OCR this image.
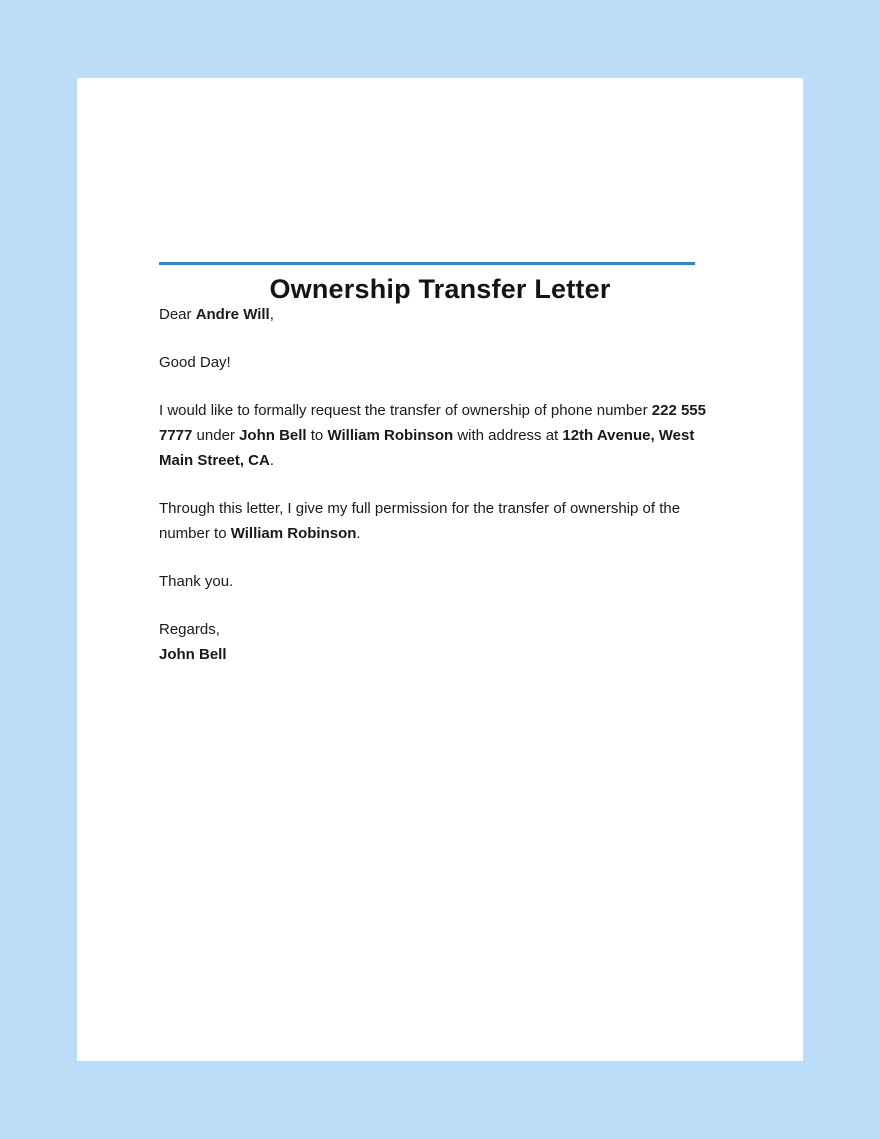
Ownership Transfer Letter

Dear Andre Will,

Good Day!

I would like to formally request the transfer of ownership of phone number 222 555 7777 under John Bell to William Robinson with address at 12th Avenue, West Main Street, CA.

Through this letter, I give my full permission for the transfer of ownership of the number to William Robinson.

Thank you.

Regards,
John Bell
